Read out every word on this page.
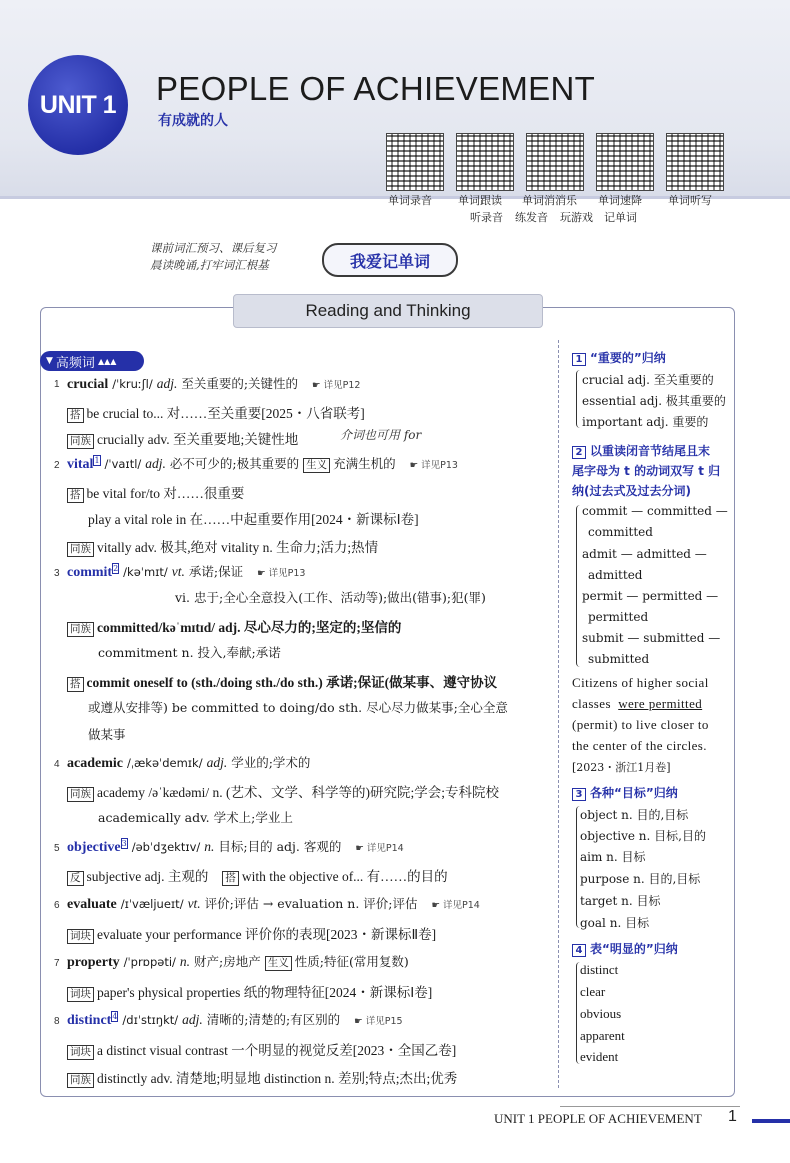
UNIT 1	PEOPLE OF ACHIEVEMENT
有成就的人
单词录音 单词跟读 单词消消乐 单词速降 单词听写
听录音 练发音 玩游戏 记单词
课前词汇预习、课后复习
晨读晚诵,打牢词汇根基	我爱记单词
Reading and Thinking
▼ 高频词 ▲▲▲
1 crucial /ˈkruːʃl/ adj. 至关重要的;关键性的 ☛ 详见P12
搭 be crucial to... 对……至关重要[2025・八省联考]
同族 crucially adv. 至关重要地;关键性地	介词也可用 for
2 vital$^1$ /ˈvaɪtl/ adj. 必不可少的;极其重要的 生义 充满生机的 ☛ 详见P13
搭 be vital for/to 对……很重要
play a vital role in 在……中起重要作用[2024・新课标Ⅰ卷]
同族 vitally adv. 极其,绝对 vitality n. 生命力;活力;热情
3 commit$^2$ /kəˈmɪt/ vt. 承诺;保证 ☛ 详见P13
vi. 忠于;全心全意投入(工作、活动等);做出(错事);犯(罪)
同族 committed/kəˈmɪtɪd/ adj. 尽心尽力的;坚定的;坚信的
commitment n. 投入,奉献;承诺
搭 commit oneself to (sth./doing sth./do sth.) 承诺;保证(做某事、遵守协议
或遵从安排等) be committed to doing/do sth. 尽心尽力做某事;全心全意
做某事
4 academic /ˌækəˈdemɪk/ adj. 学业的;学术的
同族 academy /əˈkædəmi/ n. (艺术、文学、科学等的)研究院;学会;专科院校
academically adv. 学术上;学业上
5 objective$^3$ /əbˈdʒektɪv/ n. 目标;目的 adj. 客观的 ☛ 详见P14
反 subjective adj. 主观的 搭 with the objective of... 有……的目的
6 evaluate /ɪˈvæljueɪt/ vt. 评价;评估 → evaluation n. 评价;评估 ☛ 详见P14
词块 evaluate your performance 评价你的表现[2023・新课标Ⅱ卷]
7 property /ˈprɒpəti/ n. 财产;房地产 生义 性质;特征(常用复数)
词块 paper's physical properties 纸的物理特征[2024・新课标Ⅰ卷]
8 distinct$^4$ /dɪˈstɪŋkt/ adj. 清晰的;清楚的;有区别的 ☛ 详见P15
词块 a distinct visual contrast 一个明显的视觉反差[2023・全国乙卷]
同族 distinctly adv. 清楚地;明显地 distinction n. 差别;特点;杰出;优秀
1 “重要的”归纳
crucial adj. 至关重要的
essential adj. 极其重要的
important adj. 重要的
2 以重读闭音节结尾且末
尾字母为 t 的动词双写 t 归
纳(过去式及过去分词)
commit — committed —
committed
admit — admitted —
admitted
permit — permitted —
permitted
submit — submitted —
submitted
Citizens of higher social
classes were permitted
(permit) to live closer to
the center of the circles.
[2023・浙江1月卷]
3 各种“目标”归纳
object n. 目的,目标
objective n. 目标,目的
aim n. 目标
purpose n. 目的,目标
target n. 目标
goal n. 目标
4 表“明显的”归纳
distinct
clear
obvious
apparent
evident
UNIT 1 PEOPLE OF ACHIEVEMENT 1
